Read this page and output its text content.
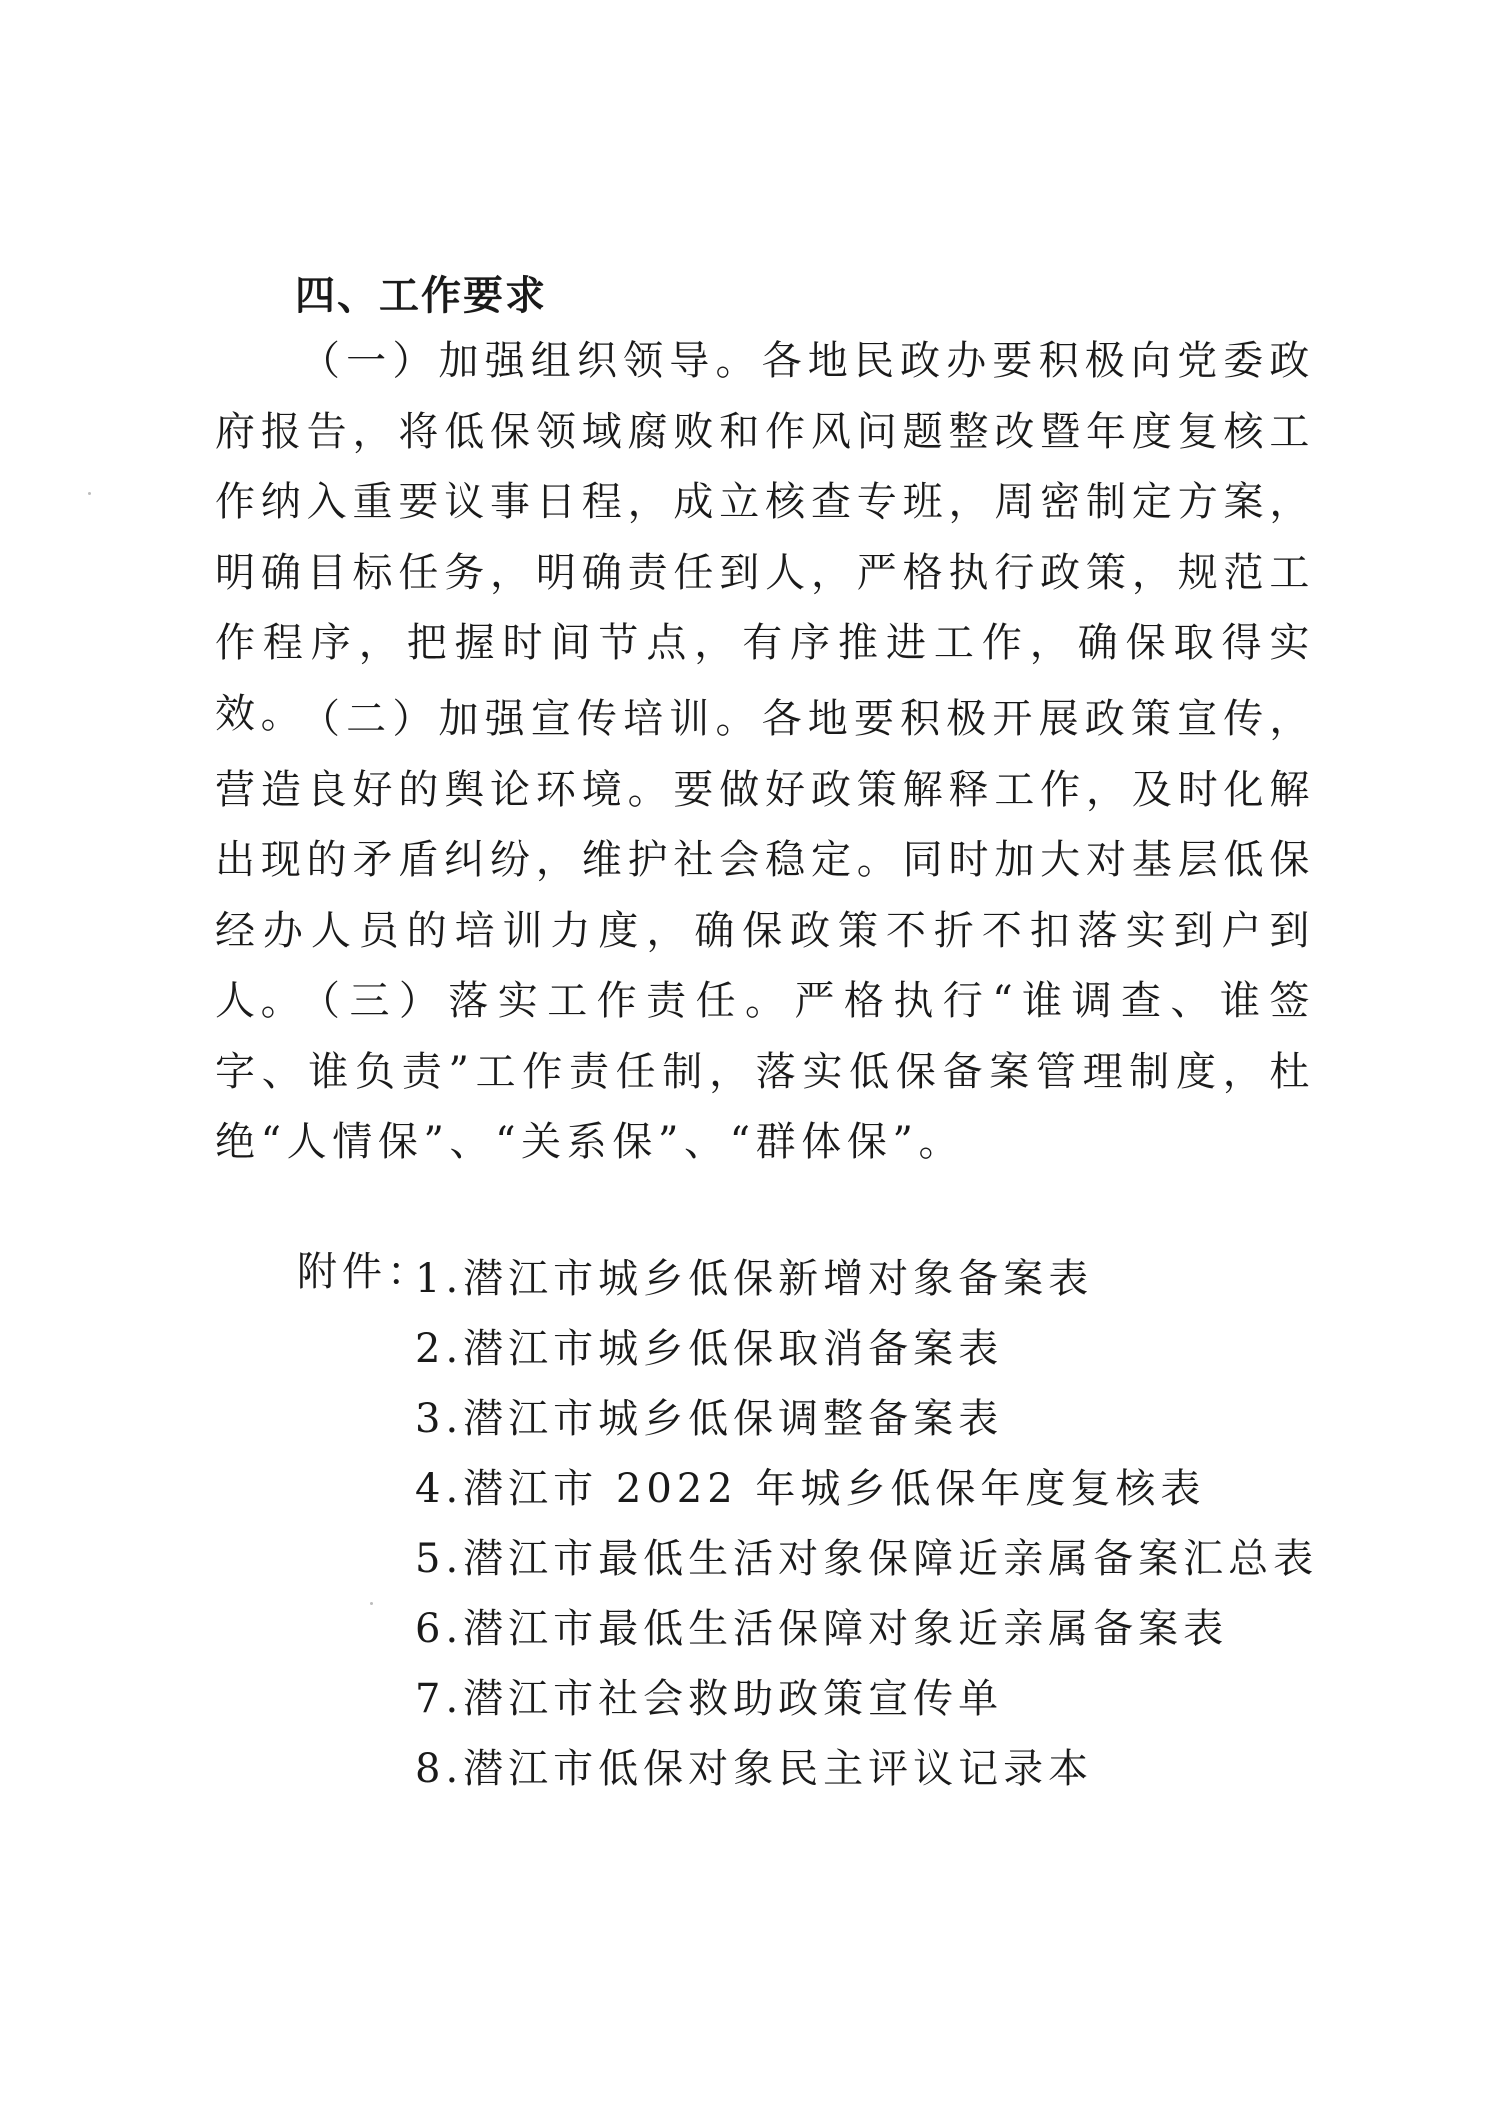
四、工作要求

（一）加强组织领导。各地民政办要积极向党委政府报告，将低保领域腐败和作风问题整改暨年度复核工作纳入重要议事日程，成立核查专班，周密制定方案，明确目标任务，明确责任到人，严格执行政策，规范工作程序，把握时间节点，有序推进工作，确保取得实效。

（二）加强宣传培训。各地要积极开展政策宣传，营造良好的舆论环境。要做好政策解释工作，及时化解出现的矛盾纠纷，维护社会稳定。同时加大对基层低保经办人员的培训力度，确保政策不折不扣落实到户到人。

（三）落实工作责任。严格执行“谁调查、谁签字、谁负责”工作责任制，落实低保备案管理制度，杜绝“人情保”、“关系保”、“群体保”。

附件：
1.潜江市城乡低保新增对象备案表
2.潜江市城乡低保取消备案表
3.潜江市城乡低保调整备案表
4.潜江市 2022 年城乡低保年度复核表
5.潜江市最低生活对象保障近亲属备案汇总表
6.潜江市最低生活保障对象近亲属备案表
7.潜江市社会救助政策宣传单
8.潜江市低保对象民主评议记录本
